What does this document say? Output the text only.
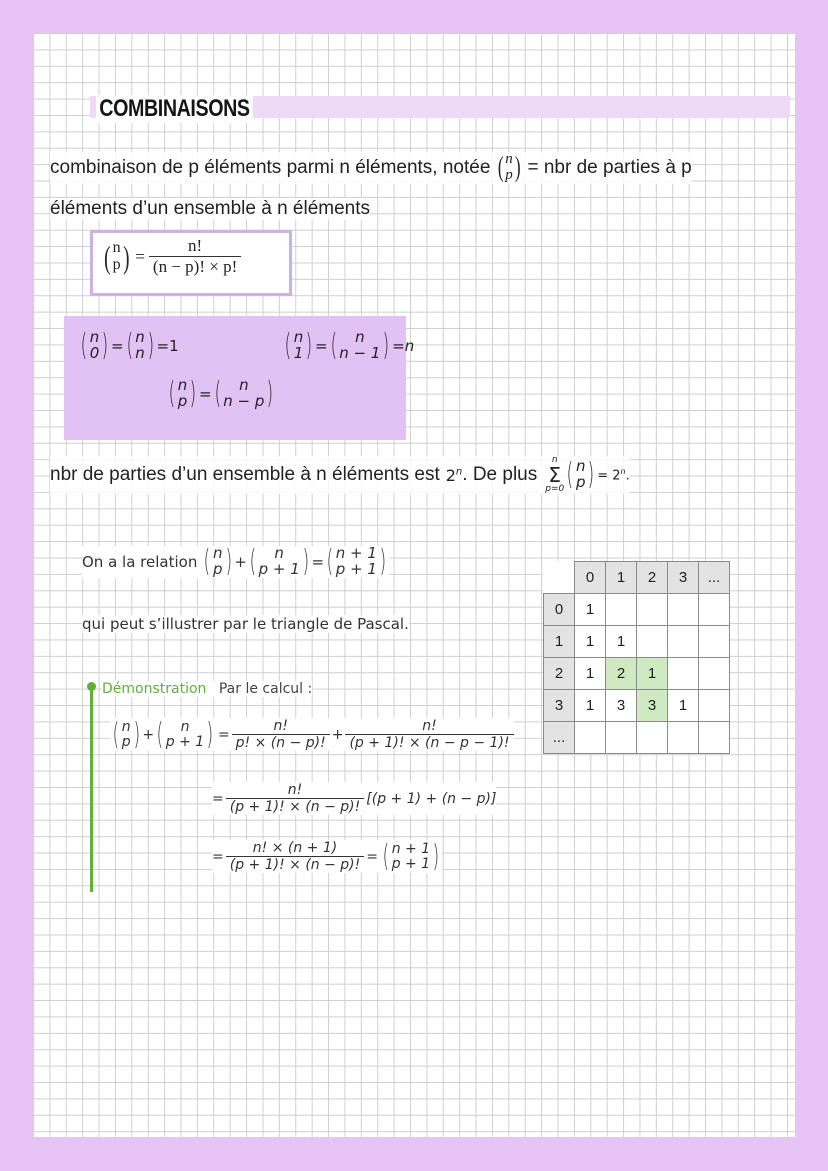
COMBINAISONS
combinaison de p éléments parmi n éléments, notée ( n
p ) = nbr de parties à p
éléments d’un ensemble à n éléments
( n
p ) = $\frac{n!}{(n - p)! \times p!}$
( n
0 ) = ( n
n ) = 1	( n
1 ) = ( n
n − 1 ) = n
( n
p ) = ( n
n − p )
nbr de parties d’un ensemble à n éléments est 2$^n$ . De plus
n
Σ
p=0 ( n
p ) = $2^n$.
On a la relation ( n
p ) + ( n
p + 1 ) = ( n + 1
p + 1 )
qui peut s’illustrer par le triangle de Pascal.
	0	1	2	3	...
0	1				
1	1	1			
2	1	2	1		
3	1	3	3	1	
...					
Démonstration Par le calcul :
( n
p ) + ( n
p + 1 ) = $\frac{n!}{p! \times (n - p)!} + \frac{n!}{(p + 1)! \times (n - p - 1)!}$
= $\frac{n!}{(p + 1)! \times (n - p)!} [(p + 1) + (n - p)]$
= $\frac{n! \times (n + 1)}{(p + 1)! \times (n - p)!}$ = ( n + 1
p + 1 )
